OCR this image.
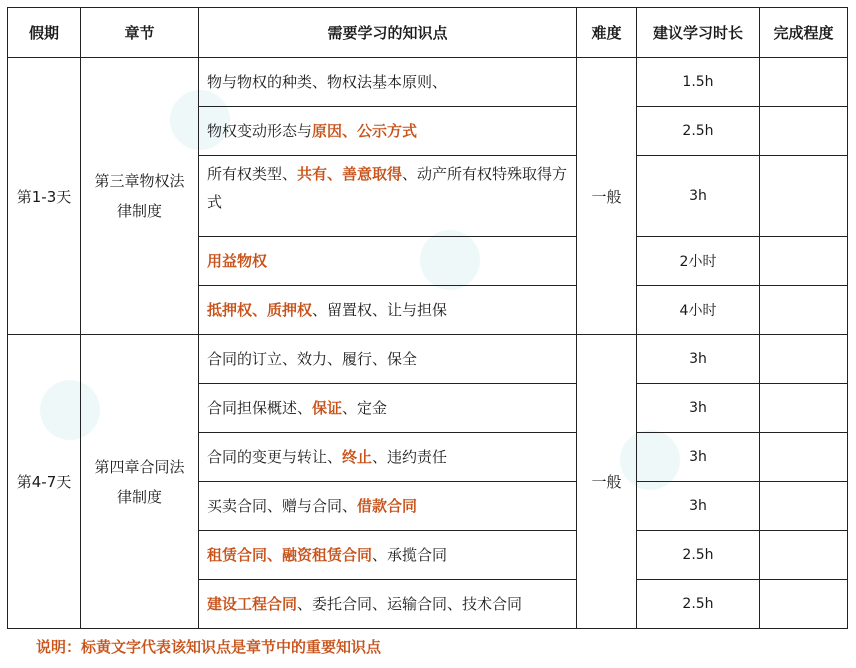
假期	章节	需要学习的知识点	难度	建议学习时长	完成程度
第1-3天	第三章物权法律制度	物与物权的种类、物权法基本原则、	一般	1.5h	
		物权变动形态与原因、公示方式		2.5h	
		所有权类型、共有、善意取得、动产所有权特殊取得方式		3h	
		用益物权		2小时	
		抵押权、质押权、留置权、让与担保		4小时	
第4-7天	第四章合同法律制度	合同的订立、效力、履行、保全	一般	3h	
		合同担保概述、保证、定金		3h	
		合同的变更与转让、终止、违约责任		3h	
		买卖合同、赠与合同、借款合同		3h	
		租赁合同、融资租赁合同、承揽合同		2.5h	
		建设工程合同、委托合同、运输合同、技术合同		2.5h	
说明：标黄文字代表该知识点是章节中的重要知识点
